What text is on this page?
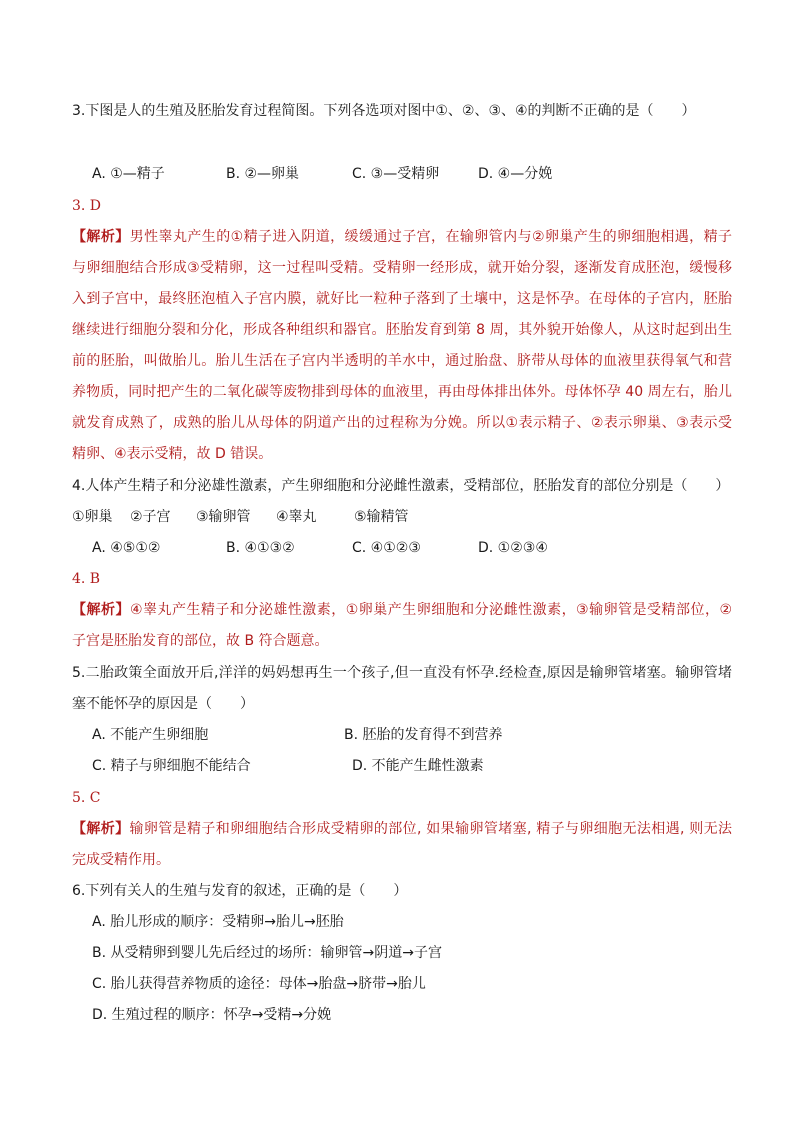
3.下图是人的生殖及胚胎发育过程简图。下列各选项对图中①、②、③、④的判断不正确的是（　　）
A. ①—精子	B. ②—卵巢	C. ③—受精卵	D. ④—分娩
3. D
【解析】男性睾丸产生的①精子进入阴道，缓缓通过子宫，在输卵管内与②卵巢产生的卵细胞相遇，精子
与卵细胞结合形成③受精卵，这一过程叫受精。受精卵一经形成，就开始分裂，逐渐发育成胚泡，缓慢移
入到子宫中，最终胚泡植入子宫内膜，就好比一粒种子落到了土壤中，这是怀孕。在母体的子宫内，胚胎
继续进行细胞分裂和分化，形成各种组织和器官。胚胎发育到第 8 周，其外貌开始像人，从这时起到出生
前的胚胎，叫做胎儿。胎儿生活在子宫内半透明的羊水中，通过胎盘、脐带从母体的血液里获得氧气和营
养物质，同时把产生的二氧化碳等废物排到母体的血液里，再由母体排出体外。母体怀孕 40 周左右，胎儿
就发育成熟了，成熟的胎儿从母体的阴道产出的过程称为分娩。所以①表示精子、②表示卵巢、③表示受
精卵、④表示受精，故 D 错误。
4.人体产生精子和分泌雄性激素，产生卵细胞和分泌雌性激素，受精部位，胚胎发育的部位分别是（　　）
①卵巢 ②子宫 ③输卵管 ④睾丸	⑤输精管
A. ④⑤①②	B. ④①③②	C. ④①②③	D. ①②③④
4. B
【解析】④睾丸产生精子和分泌雄性激素，①卵巢产生卵细胞和分泌雌性激素，③输卵管是受精部位，②
子宫是胚胎发育的部位，故 B 符合题意。
5.二胎政策全面放开后,洋洋的妈妈想再生一个孩子,但一直没有怀孕.经检查,原因是输卵管堵塞。输卵管堵
塞不能怀孕的原因是（　　）
A. 不能产生卵细胞	B. 胚胎的发育得不到营养
C. 精子与卵细胞不能结合	D. 不能产生雌性激素
5. C
【解析】输卵管是精子和卵细胞结合形成受精卵的部位, 如果输卵管堵塞, 精子与卵细胞无法相遇, 则无法
完成受精作用。
6.下列有关人的生殖与发育的叙述，正确的是（　　）
A. 胎儿形成的顺序：受精卵→胎儿→胚胎
B. 从受精卵到婴儿先后经过的场所：输卵管→阴道→子宫
C. 胎儿获得营养物质的途径：母体→胎盘→脐带→胎儿
D. 生殖过程的顺序：怀孕→受精→分娩
